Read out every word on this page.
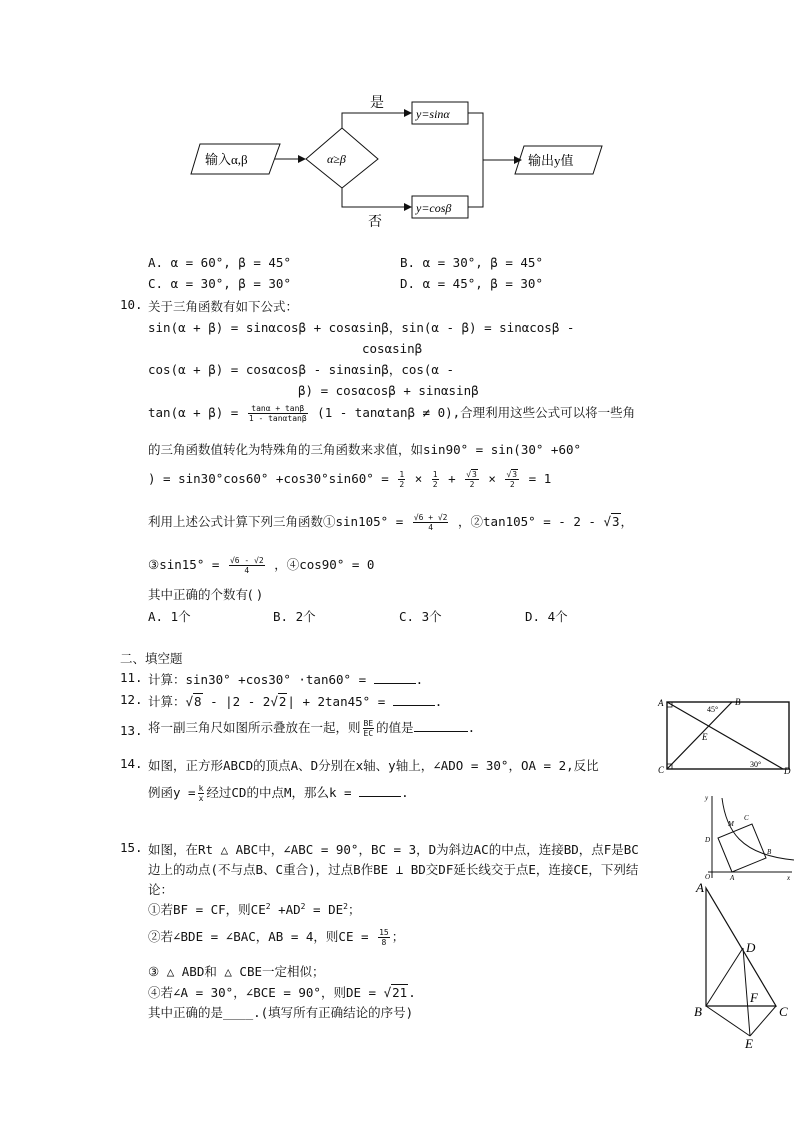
输入α,β	α≥β
是
否
y=sinα
y=cosβ
输出y值
A. α = 60°, β = 45°	B. α = 30°, β = 45°
C. α = 30°, β = 30°	D. α = 45°, β = 30°
10. 关于三角函数有如下公式：
sin(α + β) = sinαcosβ + cosαsinβ，sin(α - β) = sinαcosβ -
cosαsinβ
cos(α + β) = cosαcosβ - sinαsinβ，cos(α -
β) = cosαcosβ + sinαsinβ
$\tan(\alpha + \beta) = \frac{\tan\alpha + \tan\beta}{1 - \tan\alpha\tan\beta} (1 - \tan\alpha\tan\beta \ne 0)$,合理利用这些公式可以将一些角
的三角函数值转化为特殊角的三角函数来求值，如sin90° = sin(30° +60°
) = $\sin 30^\circ\cos 60^\circ +\cos 30^\circ\sin 60^\circ = \frac{1}{2} \times \frac{1}{2} + \frac{√3}{2} \times \frac{√3}{2} = 1$
利用上述公式计算下列三角函数①sin105° = $\frac{√6 + √2}{4}$ ，②tan105° = - 2 - √3，
③sin15° = $\frac{√6 - √2}{4}$ ，④cos90° = 0
其中正确的个数有( )
A. 1个	B. 2个	C. 3个	D. 4个
二、填空题
11. 计算：sin30° +cos30° ·tan60° =	.
12. 计算：√8 - |2 - 2√2| + 2tan45° =	.
13. 将一副三角尺如图所示叠放在一起，则 $\frac{BE}{EC}$ 的值是	.
14. 如图，正方形ABCD的顶点A、D分别在x轴、y轴上，∠ADO = 30°，OA = 2,反比
例函$y = \frac{k}{x}$ 经过CD的中点M，那么k =	.
15. 如图，在Rt △ ABC中，∠ABC = 90°，BC = 3，D为斜边AC的中点，连接BD，点F是BC
边上的动点(不与点B、C重合)，过点B作BE ⊥ BD交DF延长线交于点E，连接CE，下列结
论：
①若BF = CF，则$CE^2 +AD^2 = DE^2$；
②若∠BDE = ∠BAC，AB = 4，则CE = $\frac{15}{8}$ ；
③ △ ABD和 △ CBE一定相似；
④若∠A = 30°，∠BCE = 90°，则DE = √21.
其中正确的是____.(填写所有正确结论的序号)
A	B
C	D
E
45°
30°
y
x
O	A
D
M
C
B
A
B	C
D
F
E
